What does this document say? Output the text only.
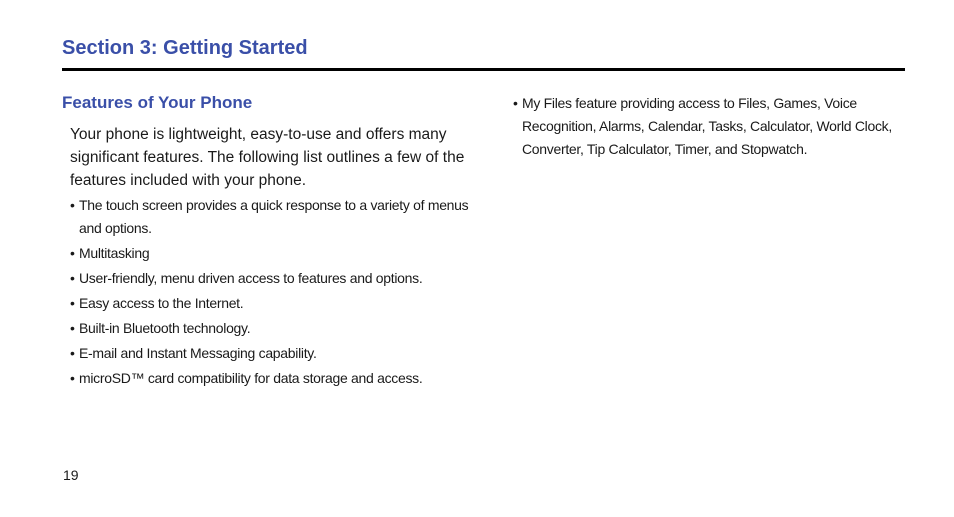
Section 3: Getting Started
Features of Your Phone

Your phone is lightweight, easy-to-use and offers many significant features. The following list outlines a few of the features included with your phone.

• The touch screen provides a quick response to a variety of menus and options.
• Multitasking
• User-friendly, menu driven access to features and options.
• Easy access to the Internet.
• Built-in Bluetooth technology.
• E-mail and Instant Messaging capability.
• microSD™ card compatibility for data storage and access.
• My Files feature providing access to Files, Games, Voice Recognition, Alarms, Calendar, Tasks, Calculator, World Clock, Converter, Tip Calculator, Timer, and Stopwatch.
19
